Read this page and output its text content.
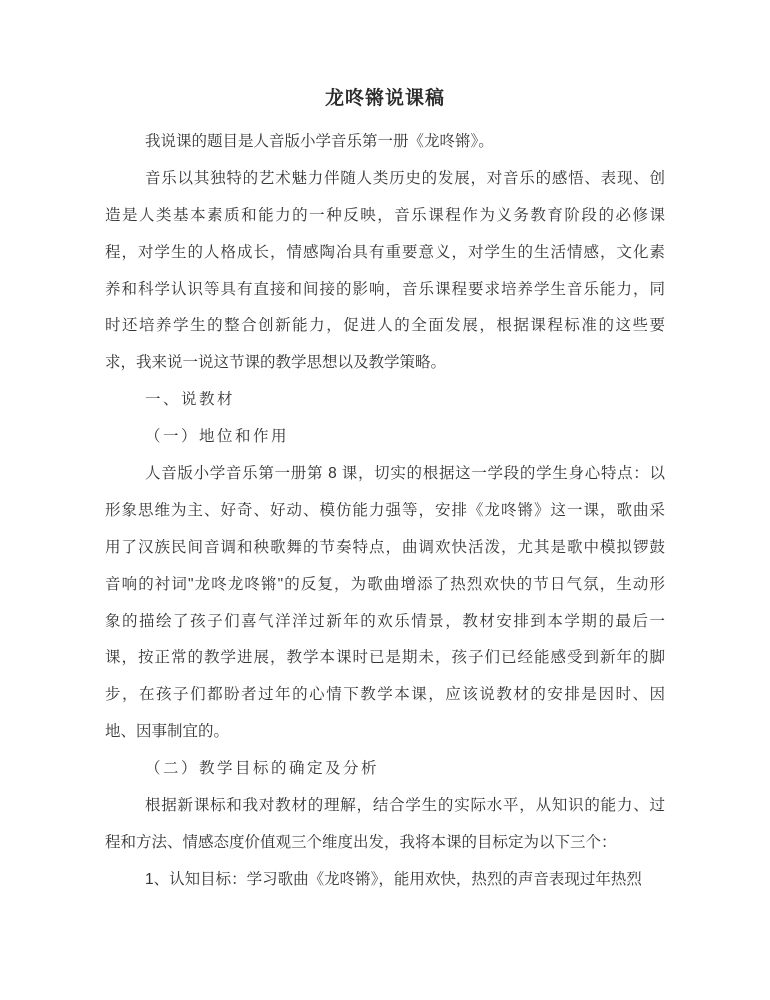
龙咚锵说课稿
我说课的题目是人音版小学音乐第一册《龙咚锵》。
音乐以其独特的艺术魅力伴随人类历史的发展，对音乐的感悟、表现、创
造是人类基本素质和能力的一种反映，音乐课程作为义务教育阶段的必修课
程，对学生的人格成长，情感陶冶具有重要意义，对学生的生活情感，文化素
养和科学认识等具有直接和间接的影响，音乐课程要求培养学生音乐能力，同
时还培养学生的整合创新能力，促进人的全面发展，根据课程标准的这些要
求，我来说一说这节课的教学思想以及教学策略。
一、说教材
（一）地位和作用
人音版小学音乐第一册第 8 课，切实的根据这一学段的学生身心特点：以
形象思维为主、好奇、好动、模仿能力强等，安排《龙咚锵》这一课，歌曲采
用了汉族民间音调和秧歌舞的节奏特点，曲调欢快活泼，尤其是歌中模拟锣鼓
音响的衬词"龙咚龙咚锵"的反复，为歌曲增添了热烈欢快的节日气氛，生动形
象的描绘了孩子们喜气洋洋过新年的欢乐情景，教材安排到本学期的最后一
课，按正常的教学进展，教学本课时已是期未，孩子们已经能感受到新年的脚
步，在孩子们都盼者过年的心情下教学本课，应该说教材的安排是因时、因
地、因事制宜的。
（二）教学目标的确定及分析
根据新课标和我对教材的理解，结合学生的实际水平，从知识的能力、过
程和方法、情感态度价值观三个维度出发，我将本课的目标定为以下三个：
1、认知目标：学习歌曲《龙咚锵》，能用欢快，热烈的声音表现过年热烈
